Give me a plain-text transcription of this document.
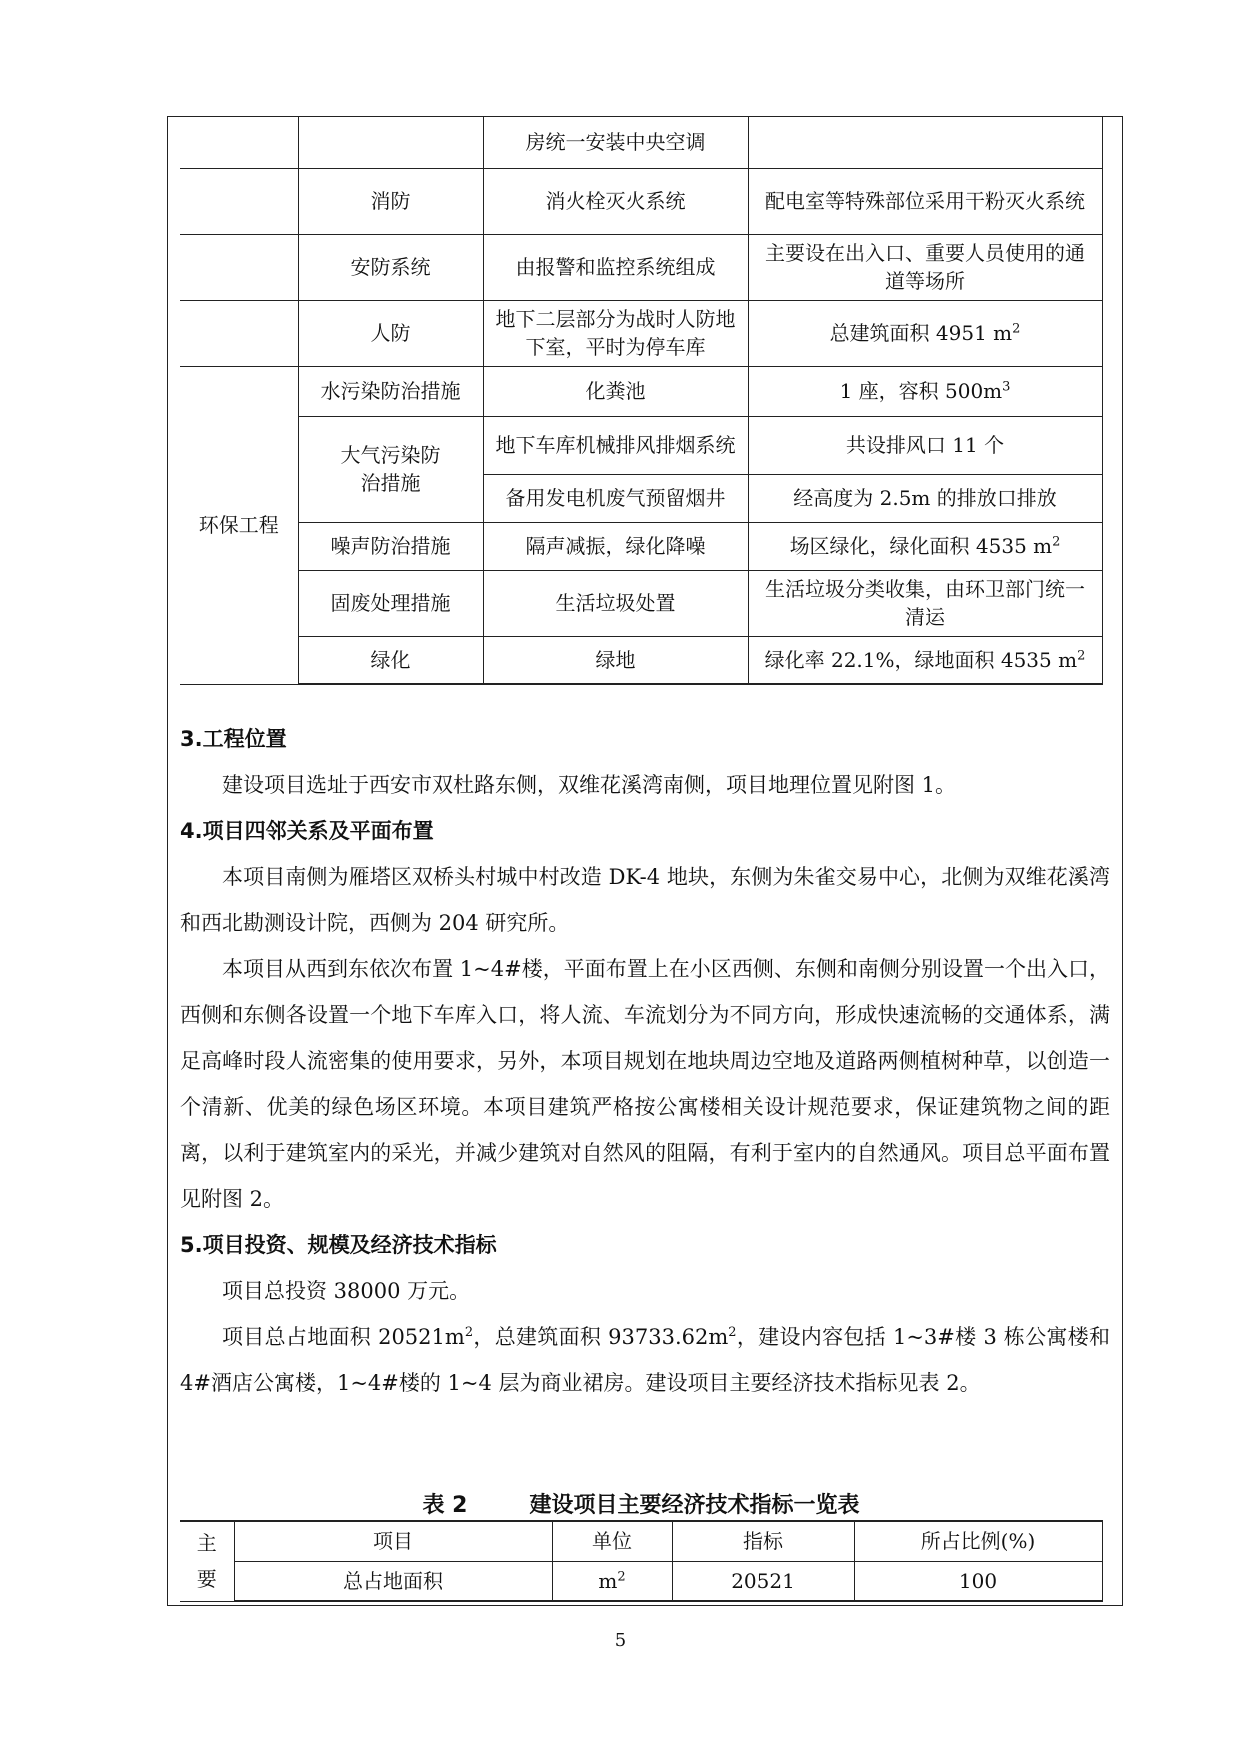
		房统一安装中央空调	
	消防	消火栓灭火系统	配电室等特殊部位采用干粉灭火系统
	安防系统	由报警和监控系统组成	主要设在出入口、重要人员使用的通道等场所
	人防	地下二层部分为战时人防地下室，平时为停车库	总建筑面积 4951 $m^2$
环保工程	水污染防治措施	化粪池	1 座，容积 $500m^3$
	大气污染防治措施	地下车库机械排风排烟系统	共设排风口 11 个
		备用发电机废气预留烟井	经高度为 2.5m 的排放口排放
	噪声防治措施	隔声减振，绿化降噪	场区绿化，绿化面积 4535 $m^2$
	固废处理措施	生活垃圾处置	生活垃圾分类收集，由环卫部门统一清运
	绿化	绿地	绿化率 22.1%，绿地面积 4535 $m^2$
3.工程位置

建设项目选址于西安市双杜路东侧，双维花溪湾南侧，项目地理位置见附图 1。

4.项目四邻关系及平面布置

本项目南侧为雁塔区双桥头村城中村改造 DK-4 地块，东侧为朱雀交易中心，北侧为双维花溪湾和西北勘测设计院，西侧为 204 研究所。

本项目从西到东依次布置 1~4#楼，平面布置上在小区西侧、东侧和南侧分别设置一个出入口，西侧和东侧各设置一个地下车库入口，将人流、车流划分为不同方向，形成快速流畅的交通体系，满足高峰时段人流密集的使用要求，另外，本项目规划在地块周边空地及道路两侧植树种草，以创造一个清新、优美的绿色场区环境。本项目建筑严格按公寓楼相关设计规范要求，保证建筑物之间的距离，以利于建筑室内的采光，并减少建筑对自然风的阻隔，有利于室内的自然通风。项目总平面布置见附图 2。

5.项目投资、规模及经济技术指标

项目总投资 38000 万元。

项目总占地面积 $20521m^2$，总建筑面积 $93733.62m^2$，建设内容包括 1~3#楼 3 栋公寓楼和 4#酒店公寓楼，1~4#楼的 1~4 层为商业裙房。建设项目主要经济技术指标见表 2。

表 2	建设项目主要经济技术指标一览表
主要	项目	单位	指标	所占比例(%)
	总占地面积	$m^2$	20521	100
5
